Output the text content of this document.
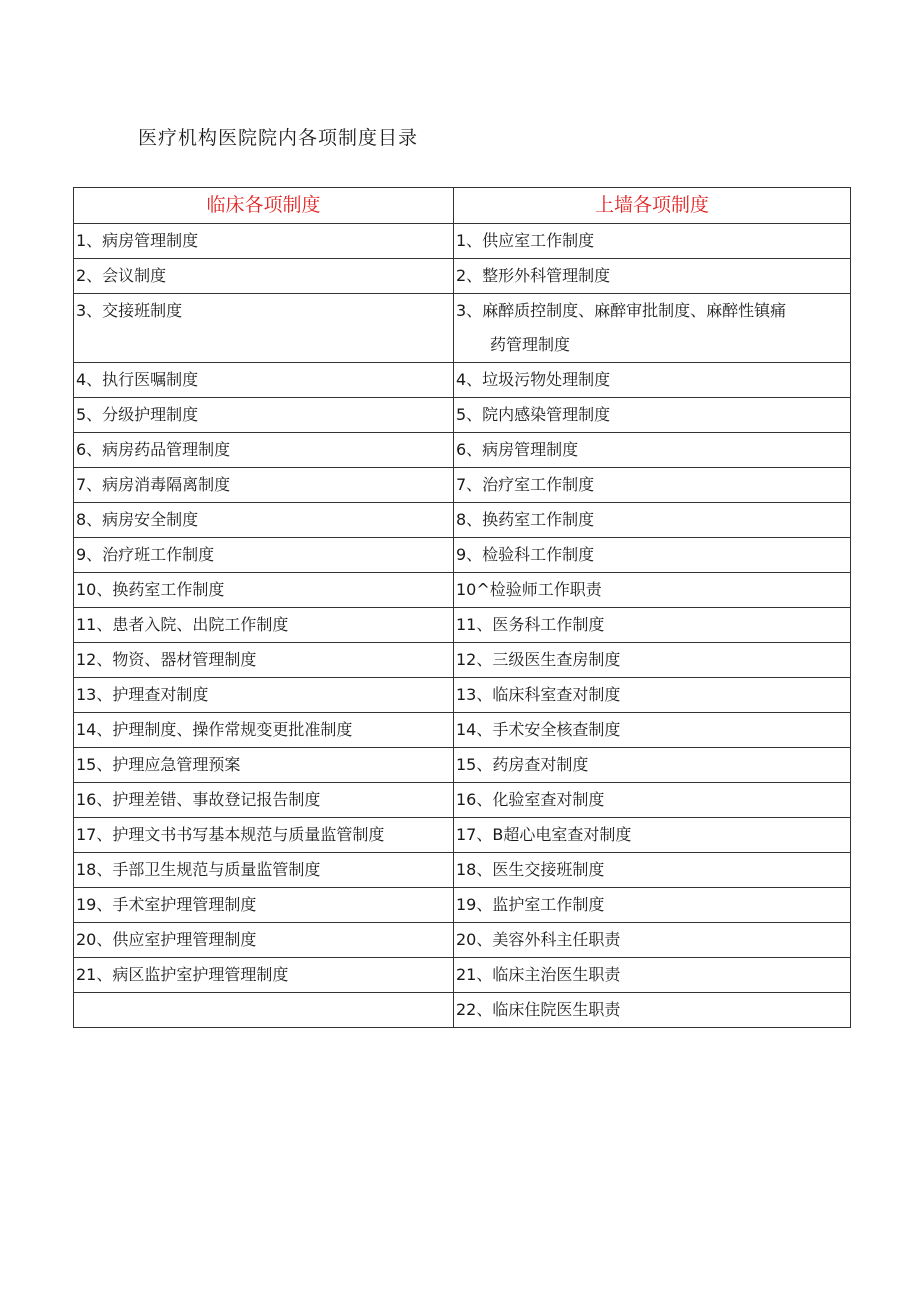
医疗机构医院院内各项制度目录
临床各项制度	上墙各项制度
1、病房管理制度	1、供应室工作制度
2、会议制度	2、整形外科管理制度
3、交接班制度	3、麻醉质控制度、麻醉审批制度、麻醉性镇痛
药管理制度

4、执行医嘱制度	4、垃圾污物处理制度
5、分级护理制度	5、院内感染管理制度
6、病房药品管理制度	6、病房管理制度
7、病房消毒隔离制度	7、治疗室工作制度
8、病房安全制度	8、换药室工作制度
9、治疗班工作制度	9、检验科工作制度
10、换药室工作制度	10^检验师工作职责
11、患者入院、出院工作制度	11、医务科工作制度
12、物资、器材管理制度	12、三级医生查房制度
13、护理查对制度	13、临床科室查对制度
14、护理制度、操作常规变更批准制度	14、手术安全核查制度
15、护理应急管理预案	15、药房查对制度
16、护理差错、事故登记报告制度	16、化验室查对制度
17、护理文书书写基本规范与质量监管制度	17、B超心电室查对制度
18、手部卫生规范与质量监管制度	18、医生交接班制度
19、手术室护理管理制度	19、监护室工作制度
20、供应室护理管理制度	20、美容外科主任职责
21、病区监护室护理管理制度	21、临床主治医生职责
	22、临床住院医生职责
